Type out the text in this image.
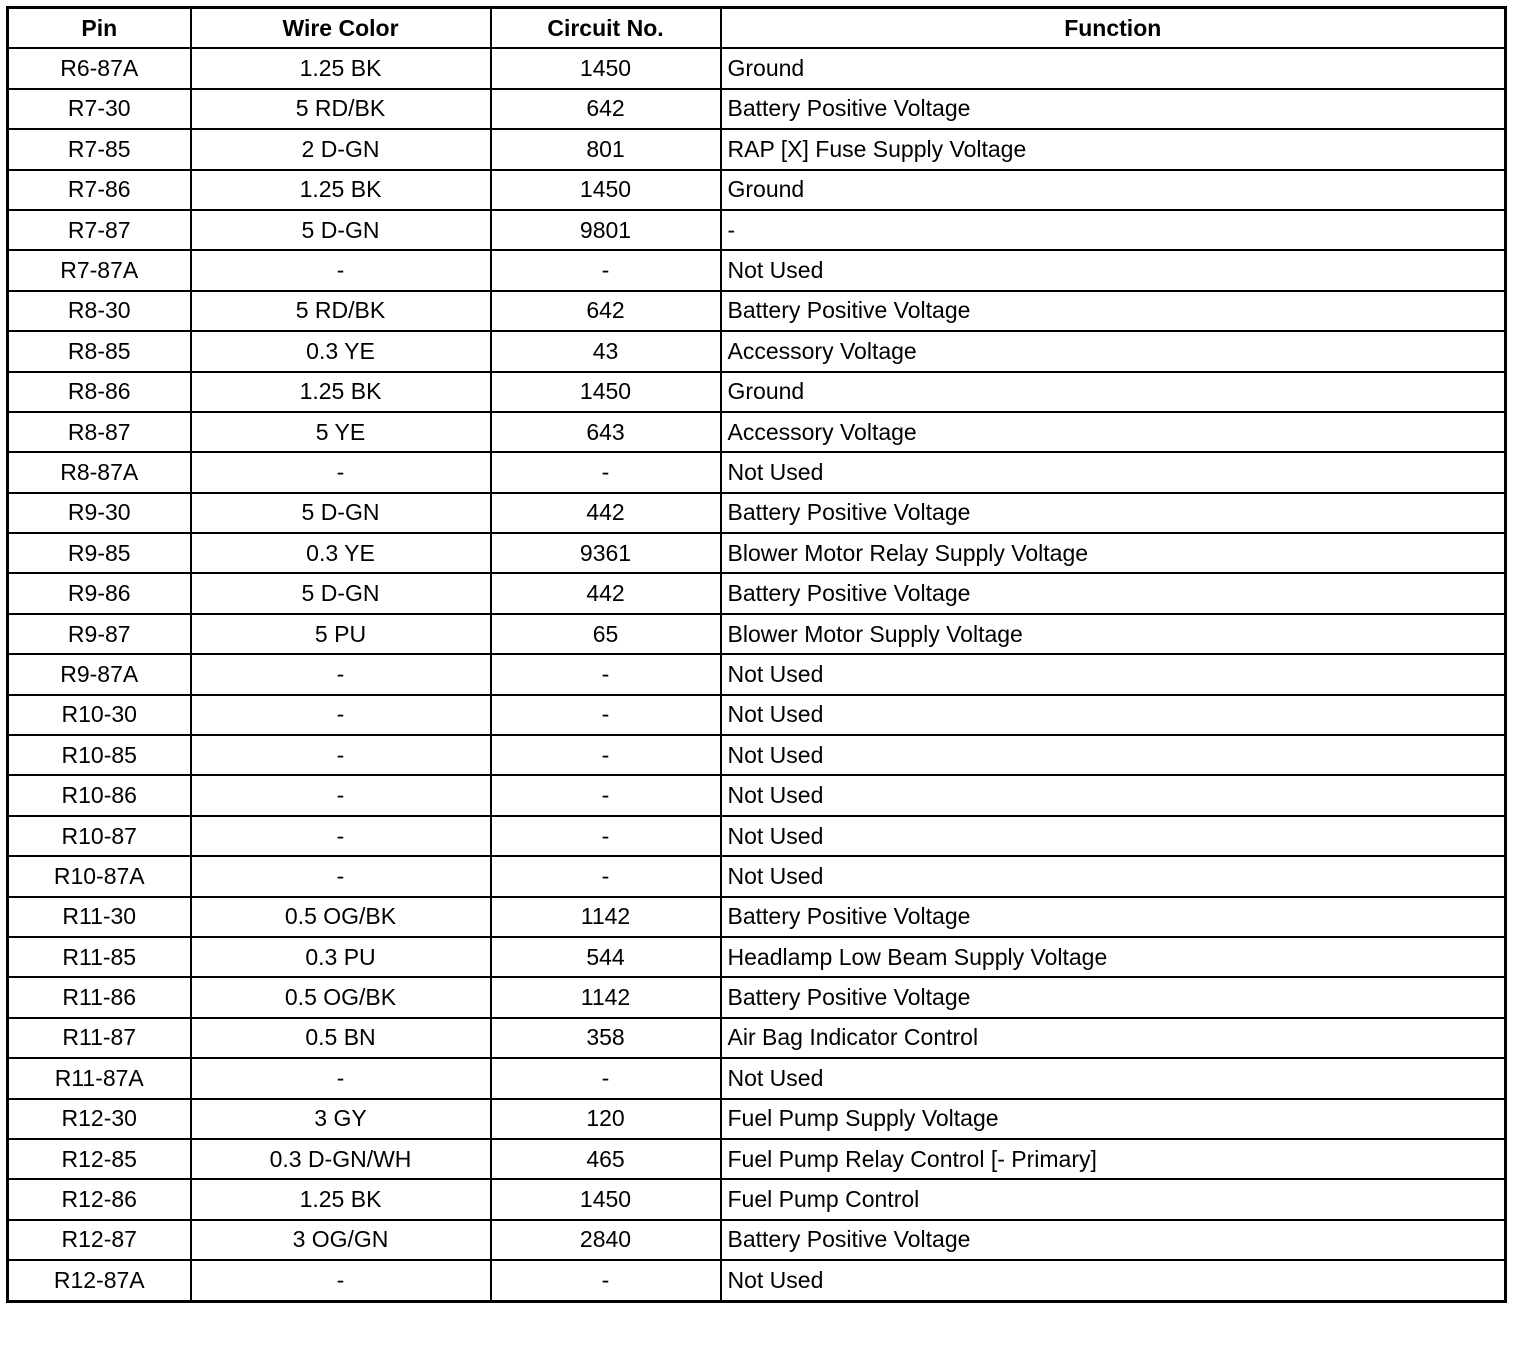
Pin	Wire Color	Circuit No.	Function
R6-87A	1.25 BK	1450	Ground
R7-30	5 RD/BK	642	Battery Positive Voltage
R7-85	2 D-GN	801	RAP [X] Fuse Supply Voltage
R7-86	1.25 BK	1450	Ground
R7-87	5 D-GN	9801	-
R7-87A	-	-	Not Used
R8-30	5 RD/BK	642	Battery Positive Voltage
R8-85	0.3 YE	43	Accessory Voltage
R8-86	1.25 BK	1450	Ground
R8-87	5 YE	643	Accessory Voltage
R8-87A	-	-	Not Used
R9-30	5 D-GN	442	Battery Positive Voltage
R9-85	0.3 YE	9361	Blower Motor Relay Supply Voltage
R9-86	5 D-GN	442	Battery Positive Voltage
R9-87	5 PU	65	Blower Motor Supply Voltage
R9-87A	-	-	Not Used
R10-30	-	-	Not Used
R10-85	-	-	Not Used
R10-86	-	-	Not Used
R10-87	-	-	Not Used
R10-87A	-	-	Not Used
R11-30	0.5 OG/BK	1142	Battery Positive Voltage
R11-85	0.3 PU	544	Headlamp Low Beam Supply Voltage
R11-86	0.5 OG/BK	1142	Battery Positive Voltage
R11-87	0.5 BN	358	Air Bag Indicator Control
R11-87A	-	-	Not Used
R12-30	3 GY	120	Fuel Pump Supply Voltage
R12-85	0.3 D-GN/WH	465	Fuel Pump Relay Control [- Primary]
R12-86	1.25 BK	1450	Fuel Pump Control
R12-87	3 OG/GN	2840	Battery Positive Voltage
R12-87A	-	-	Not Used
